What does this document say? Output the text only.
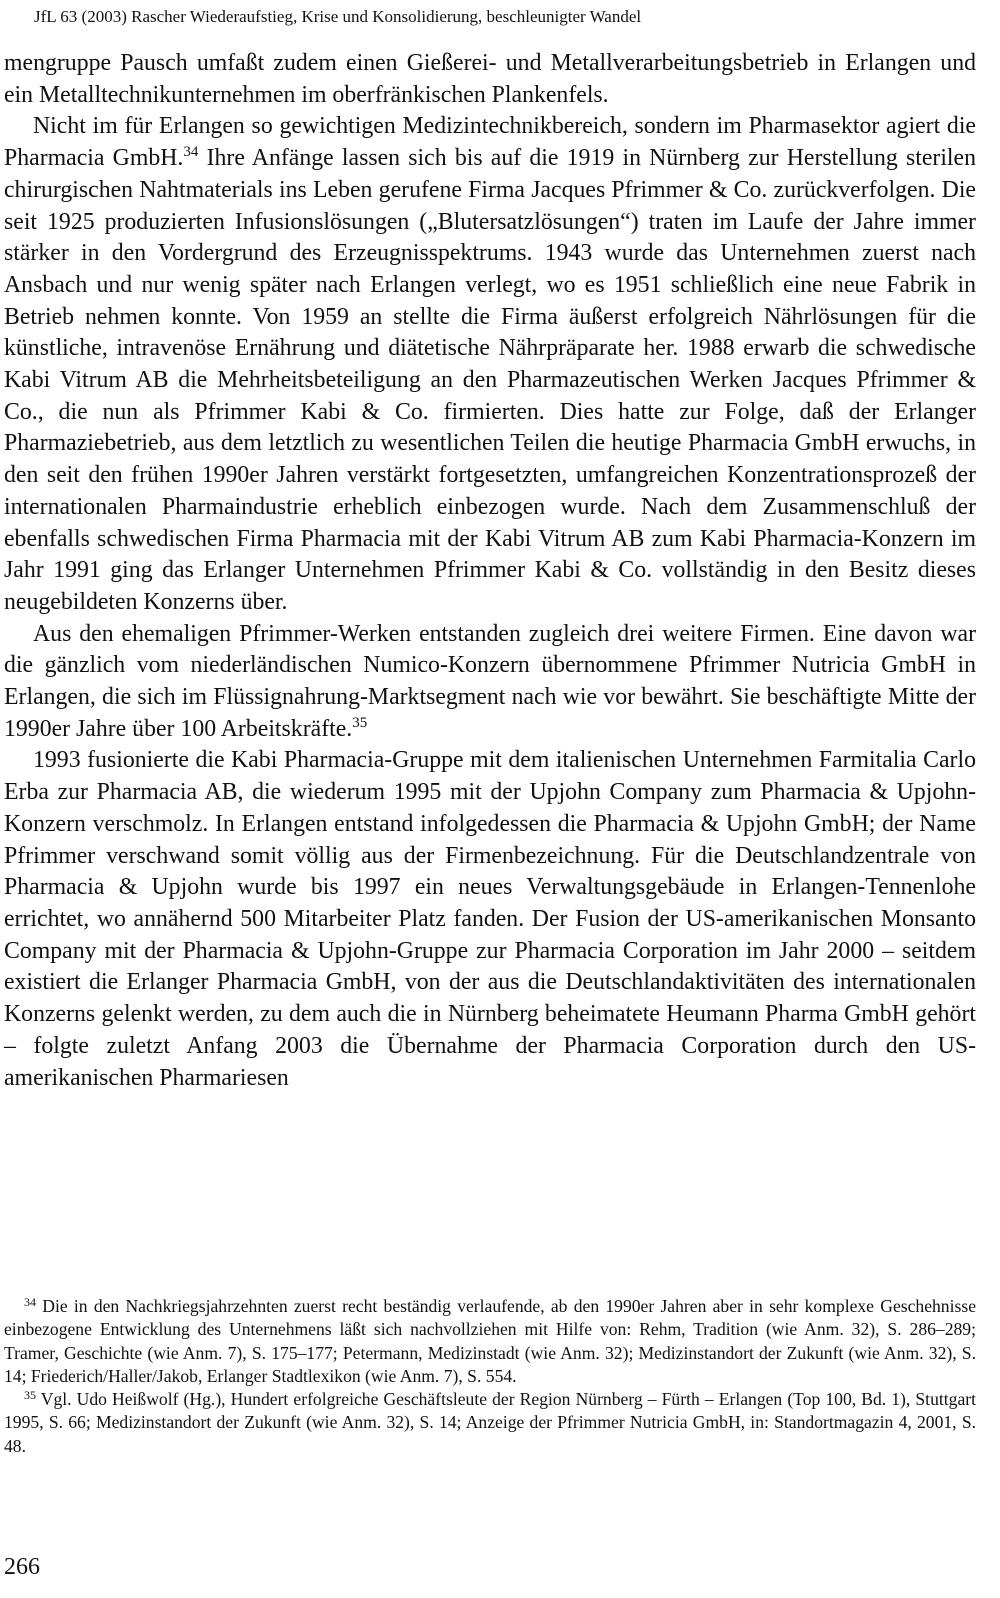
JfL 63 (2003) Rascher Wiederaufstieg, Krise und Konsolidierung, beschleunigter Wandel

mengruppe Pausch umfaßt zudem einen Gießerei- und Metallverarbeitungsbetrieb in Erlangen und ein Metalltechnikunternehmen im oberfränkischen Plankenfels.

Nicht im für Erlangen so gewichtigen Medizintechnikbereich, sondern im Pharmasektor agiert die Pharmacia GmbH.$^{34}$ Ihre Anfänge lassen sich bis auf die 1919 in Nürnberg zur Herstellung sterilen chirurgischen Nahtmaterials ins Leben gerufene Firma Jacques Pfrimmer & Co. zurückverfolgen. Die seit 1925 produzierten Infusionslösungen („Blutersatzlösungen“) traten im Laufe der Jahre immer stärker in den Vordergrund des Erzeugnisspektrums. 1943 wurde das Unternehmen zuerst nach Ansbach und nur wenig später nach Erlangen verlegt, wo es 1951 schließlich eine neue Fabrik in Betrieb nehmen konnte. Von 1959 an stellte die Firma äußerst erfolgreich Nährlösungen für die künstliche, intravenöse Ernährung und diätetische Nährpräparate her. 1988 erwarb die schwedische Kabi Vitrum AB die Mehrheitsbeteiligung an den Pharmazeutischen Werken Jacques Pfrimmer & Co., die nun als Pfrimmer Kabi & Co. firmierten. Dies hatte zur Folge, daß der Erlanger Pharmaziebetrieb, aus dem letztlich zu wesentlichen Teilen die heutige Pharmacia GmbH erwuchs, in den seit den frühen 1990er Jahren verstärkt fortgesetzten, umfangreichen Konzentrationsprozeß der internationalen Pharmaindustrie erheblich einbezogen wurde. Nach dem Zusammenschluß der ebenfalls schwedischen Firma Pharmacia mit der Kabi Vitrum AB zum Kabi Pharmacia-Konzern im Jahr 1991 ging das Erlanger Unternehmen Pfrimmer Kabi & Co. vollständig in den Besitz dieses neugebildeten Konzerns über.

Aus den ehemaligen Pfrimmer-Werken entstanden zugleich drei weitere Firmen. Eine davon war die gänzlich vom niederländischen Numico-Konzern übernommene Pfrimmer Nutricia GmbH in Erlangen, die sich im Flüssignahrung-Marktsegment nach wie vor bewährt. Sie beschäftigte Mitte der 1990er Jahre über 100 Arbeitskräfte.$^{35}$

1993 fusionierte die Kabi Pharmacia-Gruppe mit dem italienischen Unternehmen Farmitalia Carlo Erba zur Pharmacia AB, die wiederum 1995 mit der Upjohn Company zum Pharmacia & Upjohn-Konzern verschmolz. In Erlangen entstand infolgedessen die Pharmacia & Upjohn GmbH; der Name Pfrimmer verschwand somit völlig aus der Firmenbezeichnung. Für die Deutschlandzentrale von Pharmacia & Upjohn wurde bis 1997 ein neues Verwaltungsgebäude in Erlangen-Tennenlohe errichtet, wo annähernd 500 Mitarbeiter Platz fanden. Der Fusion der US-amerikanischen Monsanto Company mit der Pharmacia & Upjohn-Gruppe zur Pharmacia Corporation im Jahr 2000 – seitdem existiert die Erlanger Pharmacia GmbH, von der aus die Deutschlandaktivitäten des internationalen Konzerns gelenkt werden, zu dem auch die in Nürnberg beheimatete Heumann Pharma GmbH gehört – folgte zuletzt Anfang 2003 die Übernahme der Pharmacia Corporation durch den US-amerikanischen Pharmariesen

$^{34}$ Die in den Nachkriegsjahrzehnten zuerst recht beständig verlaufende, ab den 1990er Jahren aber in sehr komplexe Geschehnisse einbezogene Entwicklung des Unternehmens läßt sich nachvollziehen mit Hilfe von: Rehm, Tradition (wie Anm. 32), S. 286–289; Tramer, Geschichte (wie Anm. 7), S. 175–177; Petermann, Medizinstadt (wie Anm. 32); Medizinstandort der Zukunft (wie Anm. 32), S. 14; Friederich/Haller/Jakob, Erlanger Stadtlexikon (wie Anm. 7), S. 554.

$^{35}$ Vgl. Udo Heißwolf (Hg.), Hundert erfolgreiche Geschäftsleute der Region Nürnberg – Fürth – Erlangen (Top 100, Bd. 1), Stuttgart 1995, S. 66; Medizinstandort der Zukunft (wie Anm. 32), S. 14; Anzeige der Pfrimmer Nutricia GmbH, in: Standortmagazin 4, 2001, S. 48.

266
